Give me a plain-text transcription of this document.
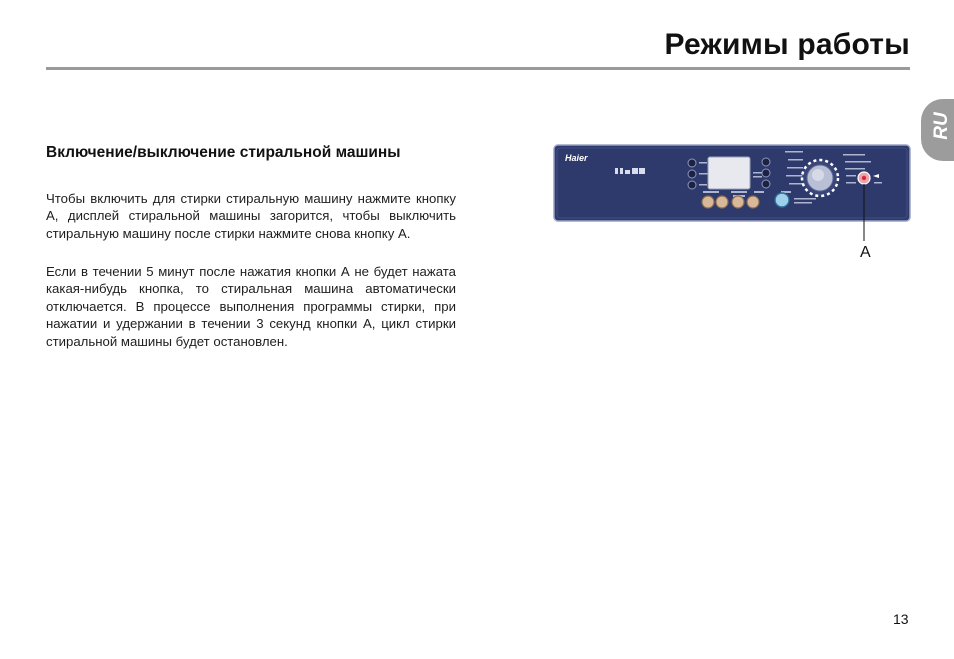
Режимы работы
RU
Включение/выключение стиральной машины

Чтобы включить для стирки стиральную машину нажмите кнопку А, дисплей стиральной машины загорится, чтобы выключить стиральную машину после стирки нажмите снова кнопку А.

Если в течении 5 минут после нажатия кнопки А не будет нажата какая-нибудь кнопка, то стиральная машина автоматически отключается. В процессе выполнения программы стирки, при нажатии и удержании в течении 3 секунд кнопки А, цикл стирки стиральной машины будет остановлен.

Haier
A
13
